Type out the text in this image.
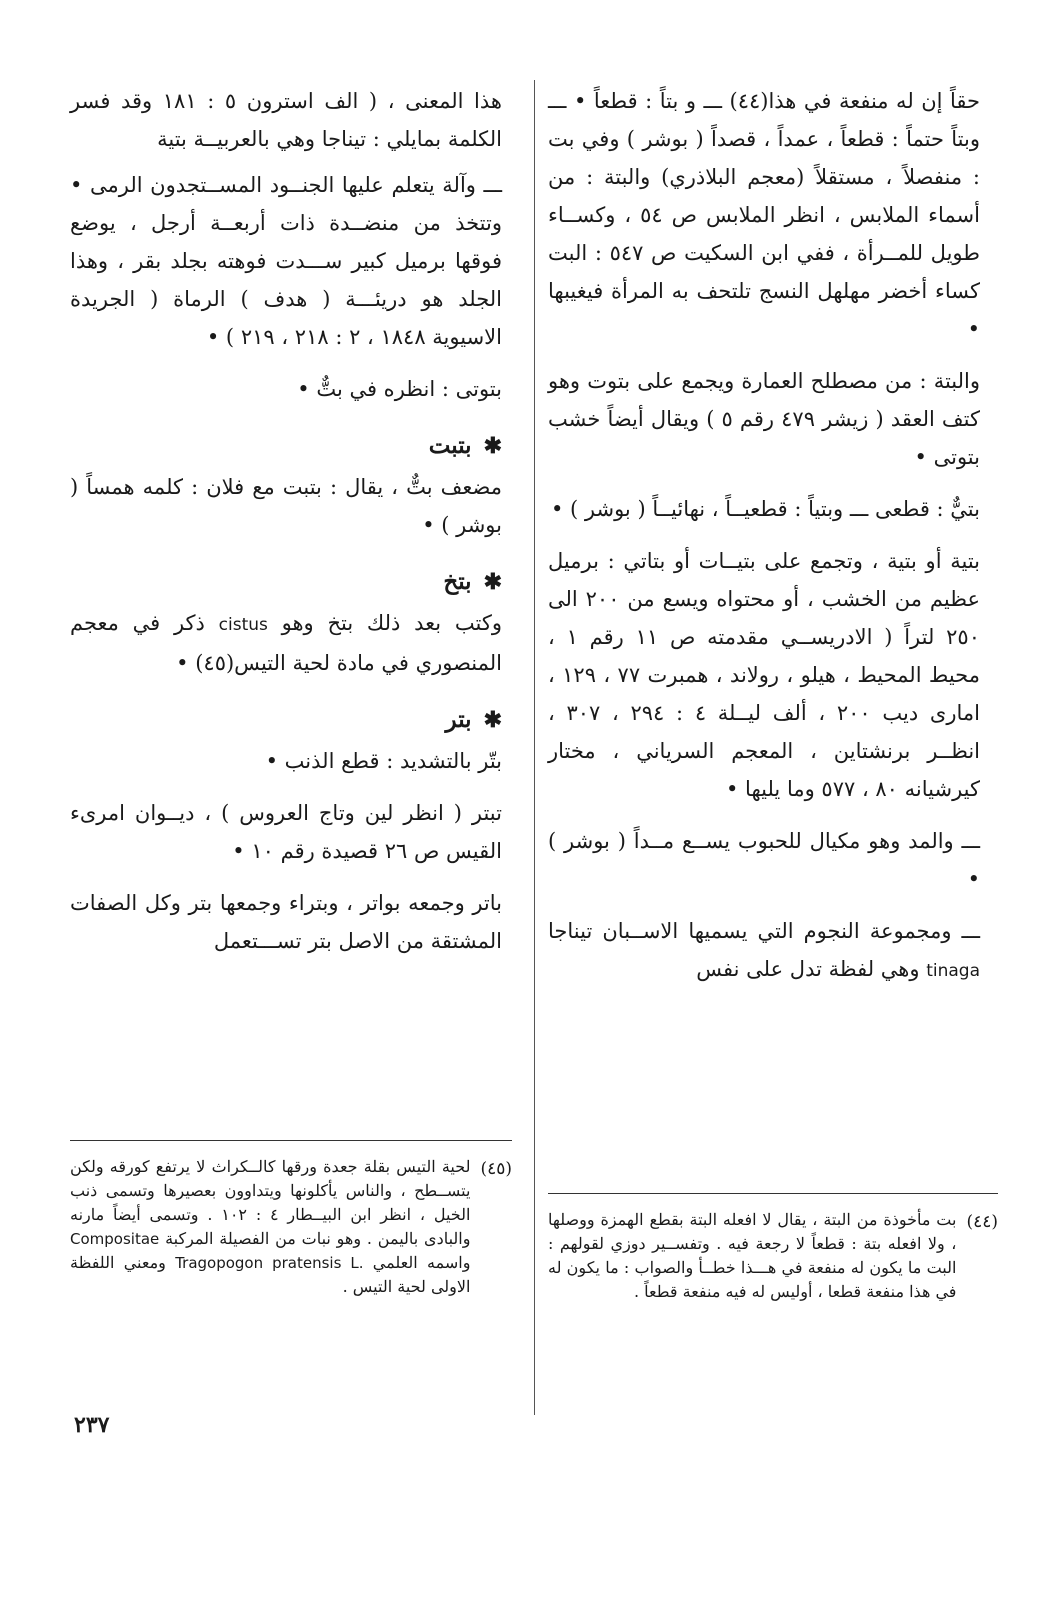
حقاً إن له منفعة في هذا(٤٤) ـــ و بتاً : قطعاً • ـــ وبتاً حتماً : قطعاً ، عمداً ، قصداً ( بوشر ) وفي بت : منفصلاً ، مستقلاً (معجم البلاذري) والبتة : من أسماء الملابس ، انظر الملابس ص ٥٤ ، وكســاء طويل للمــرأة ، ففي ابن السكيت ص ٥٤٧ : البت كساء أخضر مهلهل النسج تلتحف به المرأة فيغيبها •

والبتة : من مصطلح العمارة ويجمع على بتوت وهو كتف العقد ( زيشر ٤٧٩ رقم ٥ ) ويقال أيضاً خشب بتوتى •

بتيٌّ : قطعى ـــ وبتياً : قطعيــاً ، نهائيــاً ( بوشر ) •

بتية أو بتية ، وتجمع على بتيــات أو بتاتي : برميل عظيم من الخشب ، أو محتواه ويسع من ٢٠٠ الى ٢٥٠ لتراً ( الادريســي مقدمته ص ١١ رقم ١ ، محيط المحيط ، هيلو ، رولاند ، همبرت ٧٧ ، ١٢٩ ، اماری ديب ٢٠٠ ، ألف ليــلة ٤ : ٢٩٤ ، ٣٠٧ ، انظــر برنشتاين ، المعجم السرياني ، مختار كيرشيانه ٨٠ ، ٥٧٧ وما يليها •

ـــ والمد وهو مكيال للحبوب يســع مــداً ( بوشر ) •

ـــ ومجموعة النجوم التي يسميها الاســبان تيناجا tinaga وهي لفظة تدل على نفس

هذا المعنى ، ( الف استرون ٥ : ١٨١ وقد فسر الكلمة بمايلي : تيناجا وهي بالعربيــة بتية

ـــ وآلة يتعلم عليها الجنــود المســتجدون الرمى • وتتخذ من منضــدة ذات أربعــة أرجل ، يوضع فوقها برميل كبير ســـدت فوهته بجلد بقر ، وهذا الجلد هو دريئـــة ( هدف ) الرماة ( الجريدة الاسيوية ١٨٤٨ ، ٢ : ٢١٨ ، ٢١٩ ) •

بتوتى : انظره في بتٌّ •

✱
بتبت

مضعف بتٌّ ، يقال : بتبت مع فلان : كلمه همساً ( بوشر ) •

✱
بتخ

وكتب بعد ذلك بتخ وهو cistus ذكر في معجم المنصوري في مادة لحية التيس(٤٥) •

✱
بتر

بتّر بالتشديد : قطع الذنب •

تبتر ( انظر لين وتاج العروس ) ، ديــوان امرىء القيس ص ٢٦ قصيدة رقم ١٠ •

باتر وجمعه بواتر ، وبتراء وجمعها بتر وكل الصفات المشتقة من الاصل بتر تســـتعمل

(٤٤)
بت مأخوذة من البتة ، يقال لا افعله البتة بقطع الهمزة ووصلها ، ولا افعله بتة : قطعاً لا رجعة فيه . وتفســير دوزي لقولهم : البت ما يكون له منفعة في هـــذا خطــأ والصواب : ما يكون له في هذا منفعة قطعا ، أوليس له فيه منفعة قطعاً .
(٤٥)
لحية التيس بقلة جعدة ورقها كالــكراث لا يرتفع كورقه ولكن يتســطح ، والناس يأكلونها ويتداوون بعصيرها وتسمى ذنب الخيل ، انظر ابن البيــطار ٤ : ١٠٢ . وتسمى أيضاً مارنه والبادى باليمن . وهو نبات من الفصيلة المركبة Compositae واسمه العلمي Tragopogon pratensis L. ومعني اللفظة الاولى لحية التيس .
٢٣٧
